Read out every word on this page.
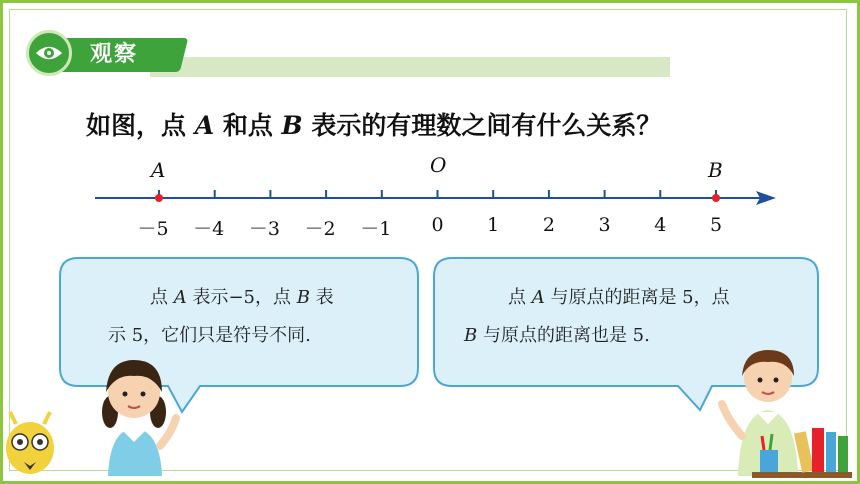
观察
如图，点 A 和点 B 表示的有理数之间有什么关系？
A	B
O
－5 －4 －3 －2 －1	0	1	2	3	4	5
点 A 表示−5，点 B 表
示 5，它们只是符号不同.
点 A 与原点的距离是 5，点
B 与原点的距离也是 5.
